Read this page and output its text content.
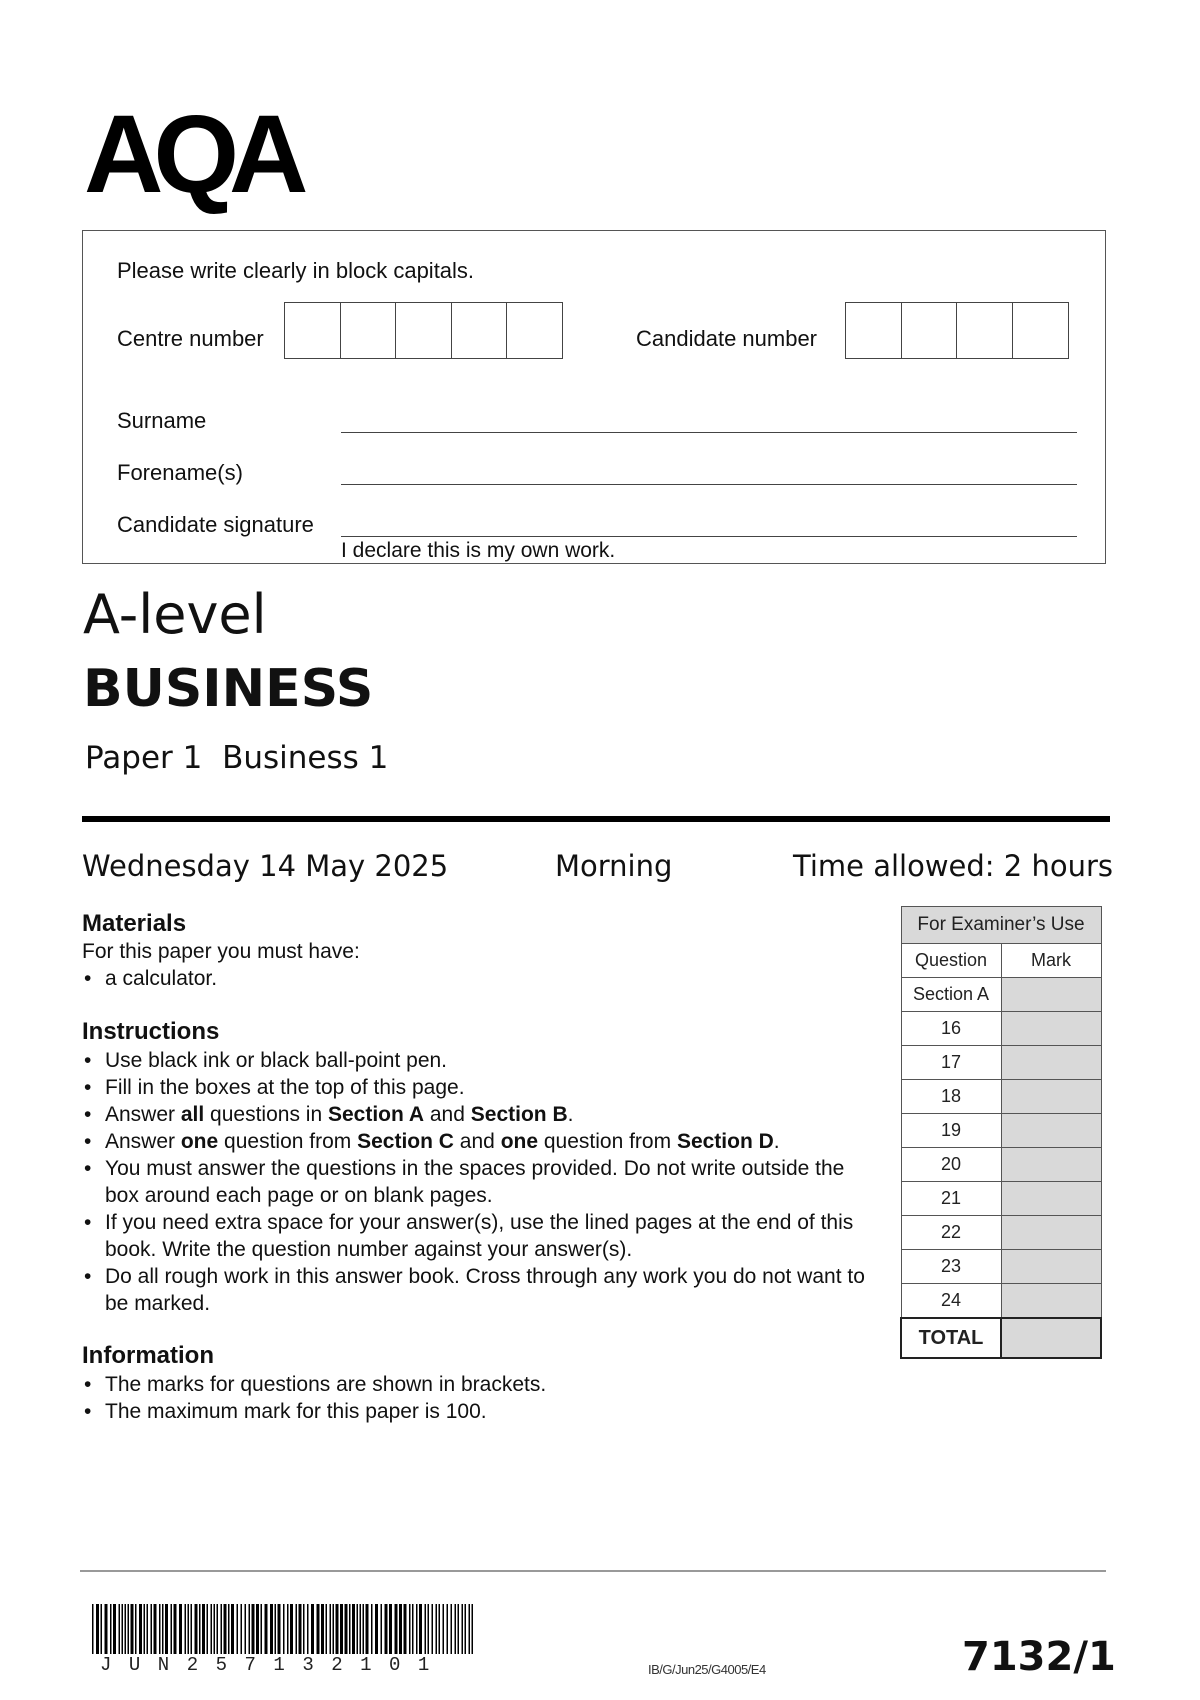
AQA
Please write clearly in block capitals.
Centre number	Candidate number
Surname
Forename(s)
Candidate signature
I declare this is my own work.
A-level
BUSINESS
Paper 1  Business 1
Wednesday 14 May 2025	Morning	Time allowed: 2 hours
Materials
For this paper you must have:
• a calculator.
Instructions
• Use black ink or black ball-point pen.
• Fill in the boxes at the top of this page.
• Answer all questions in Section A and Section B.
• Answer one question from Section C and one question from Section D.
• You must answer the questions in the spaces provided. Do not write outside the box around each page or on blank pages.
• If you need extra space for your answer(s), use the lined pages at the end of this book. Write the question number against your answer(s).
• Do all rough work in this answer book. Cross through any work you do not want to be marked.
Information
• The marks for questions are shown in brackets.
• The maximum mark for this paper is 100.
For Examiner’s Use	
Question	Mark
Section A	
16	
17	
18	
19	
20	
21	
22	
23	
24	
TOTAL	
JUN257132101	IB/G/Jun25/G4005/E4	7132/1
